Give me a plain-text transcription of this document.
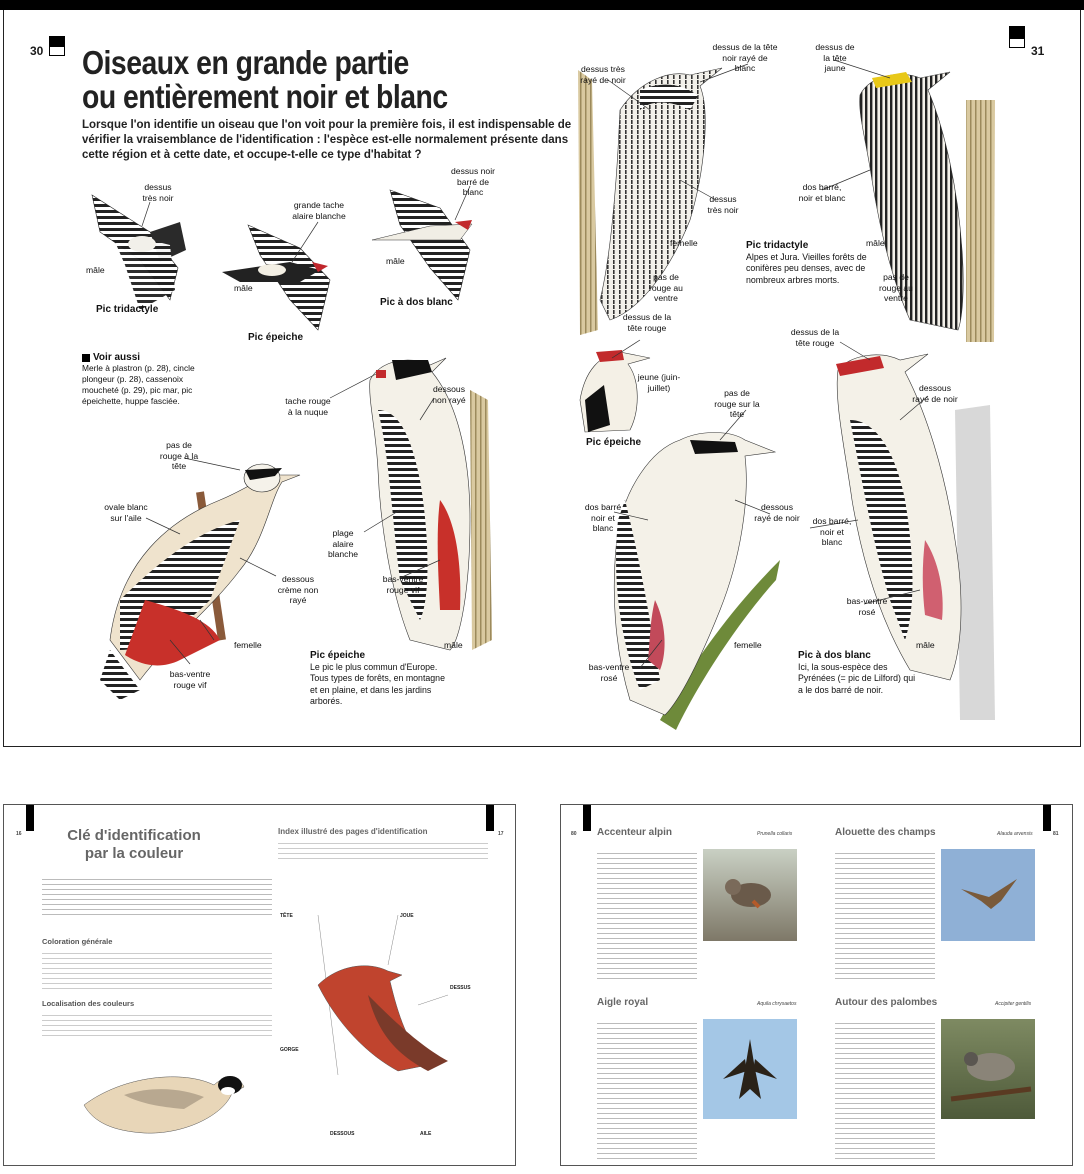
30	31
Oiseaux en grande partie
ou entièrement noir et blanc
Lorsque l'on identifie un oiseau que l'on voit pour la première fois, il est indispensable de vérifier la vraisemblance de l'identification : l'espèce est-elle normalement présente dans cette région et à cette date, et occupe-t-elle ce type d'habitat ?
dessus très noir
mâle
Pic tridactyle
grande tache alaire blanche
mâle
Pic épeiche
dessus noir barré de blanc
mâle
Pic à dos blanc
Voir aussi
Merle à plastron (p. 28), cincle plongeur (p. 28), cassenoix moucheté (p. 29), pic mar, pic épeichette, huppe fasciée.
pas de rouge à la tête
ovale blanc sur l'aile
dessous crème non rayé
femelle
bas-ventre rouge vif
tache rouge à la nuque
dessous non rayé
plage alaire blanche
bas-ventre rouge vif
mâle
Pic épeiche
Le pic le plus commun d'Europe. Tous types de forêts, en montagne et en plaine, et dans les jardins arborés.
dessus très rayé de noir
dessus de la tête noir rayé de blanc
dessus de la tête jaune
dessus très noir
femelle
dos barré, noir et blanc
mâle
pas de rouge au ventre
pas de rouge au ventre
Pic tridactyle
Alpes et Jura. Vieilles forêts de conifères peu denses, avec de nombreux arbres morts.
dessus de la tête rouge
jeune (juin-juillet)
Pic épeiche
pas de rouge sur la tête
dessus de la tête rouge
dessous rayé de noir
dos barré noir et blanc
dessous rayé de noir dos barré, noir et blanc
femelle
bas-ventre rosé
bas-ventre rosé
mâle
Pic à dos blanc
Ici, la sous-espèce des Pyrénées (= pic de Lilford) qui a le dos barré de noir.
16	17
Clé d'identification
par la couleur
Index illustré des pages d'identification
Coloration générale
Localisation des couleurs
TÊTE	JOUE
DESSUS
GORGE
DESSOUS	AILE
80	81
Accenteur alpin	Prunella collaris	Alouette des champs	Alauda arvensis
Aigle royal	Aquila chrysaetos	Autour des palombes	Accipiter gentilis
